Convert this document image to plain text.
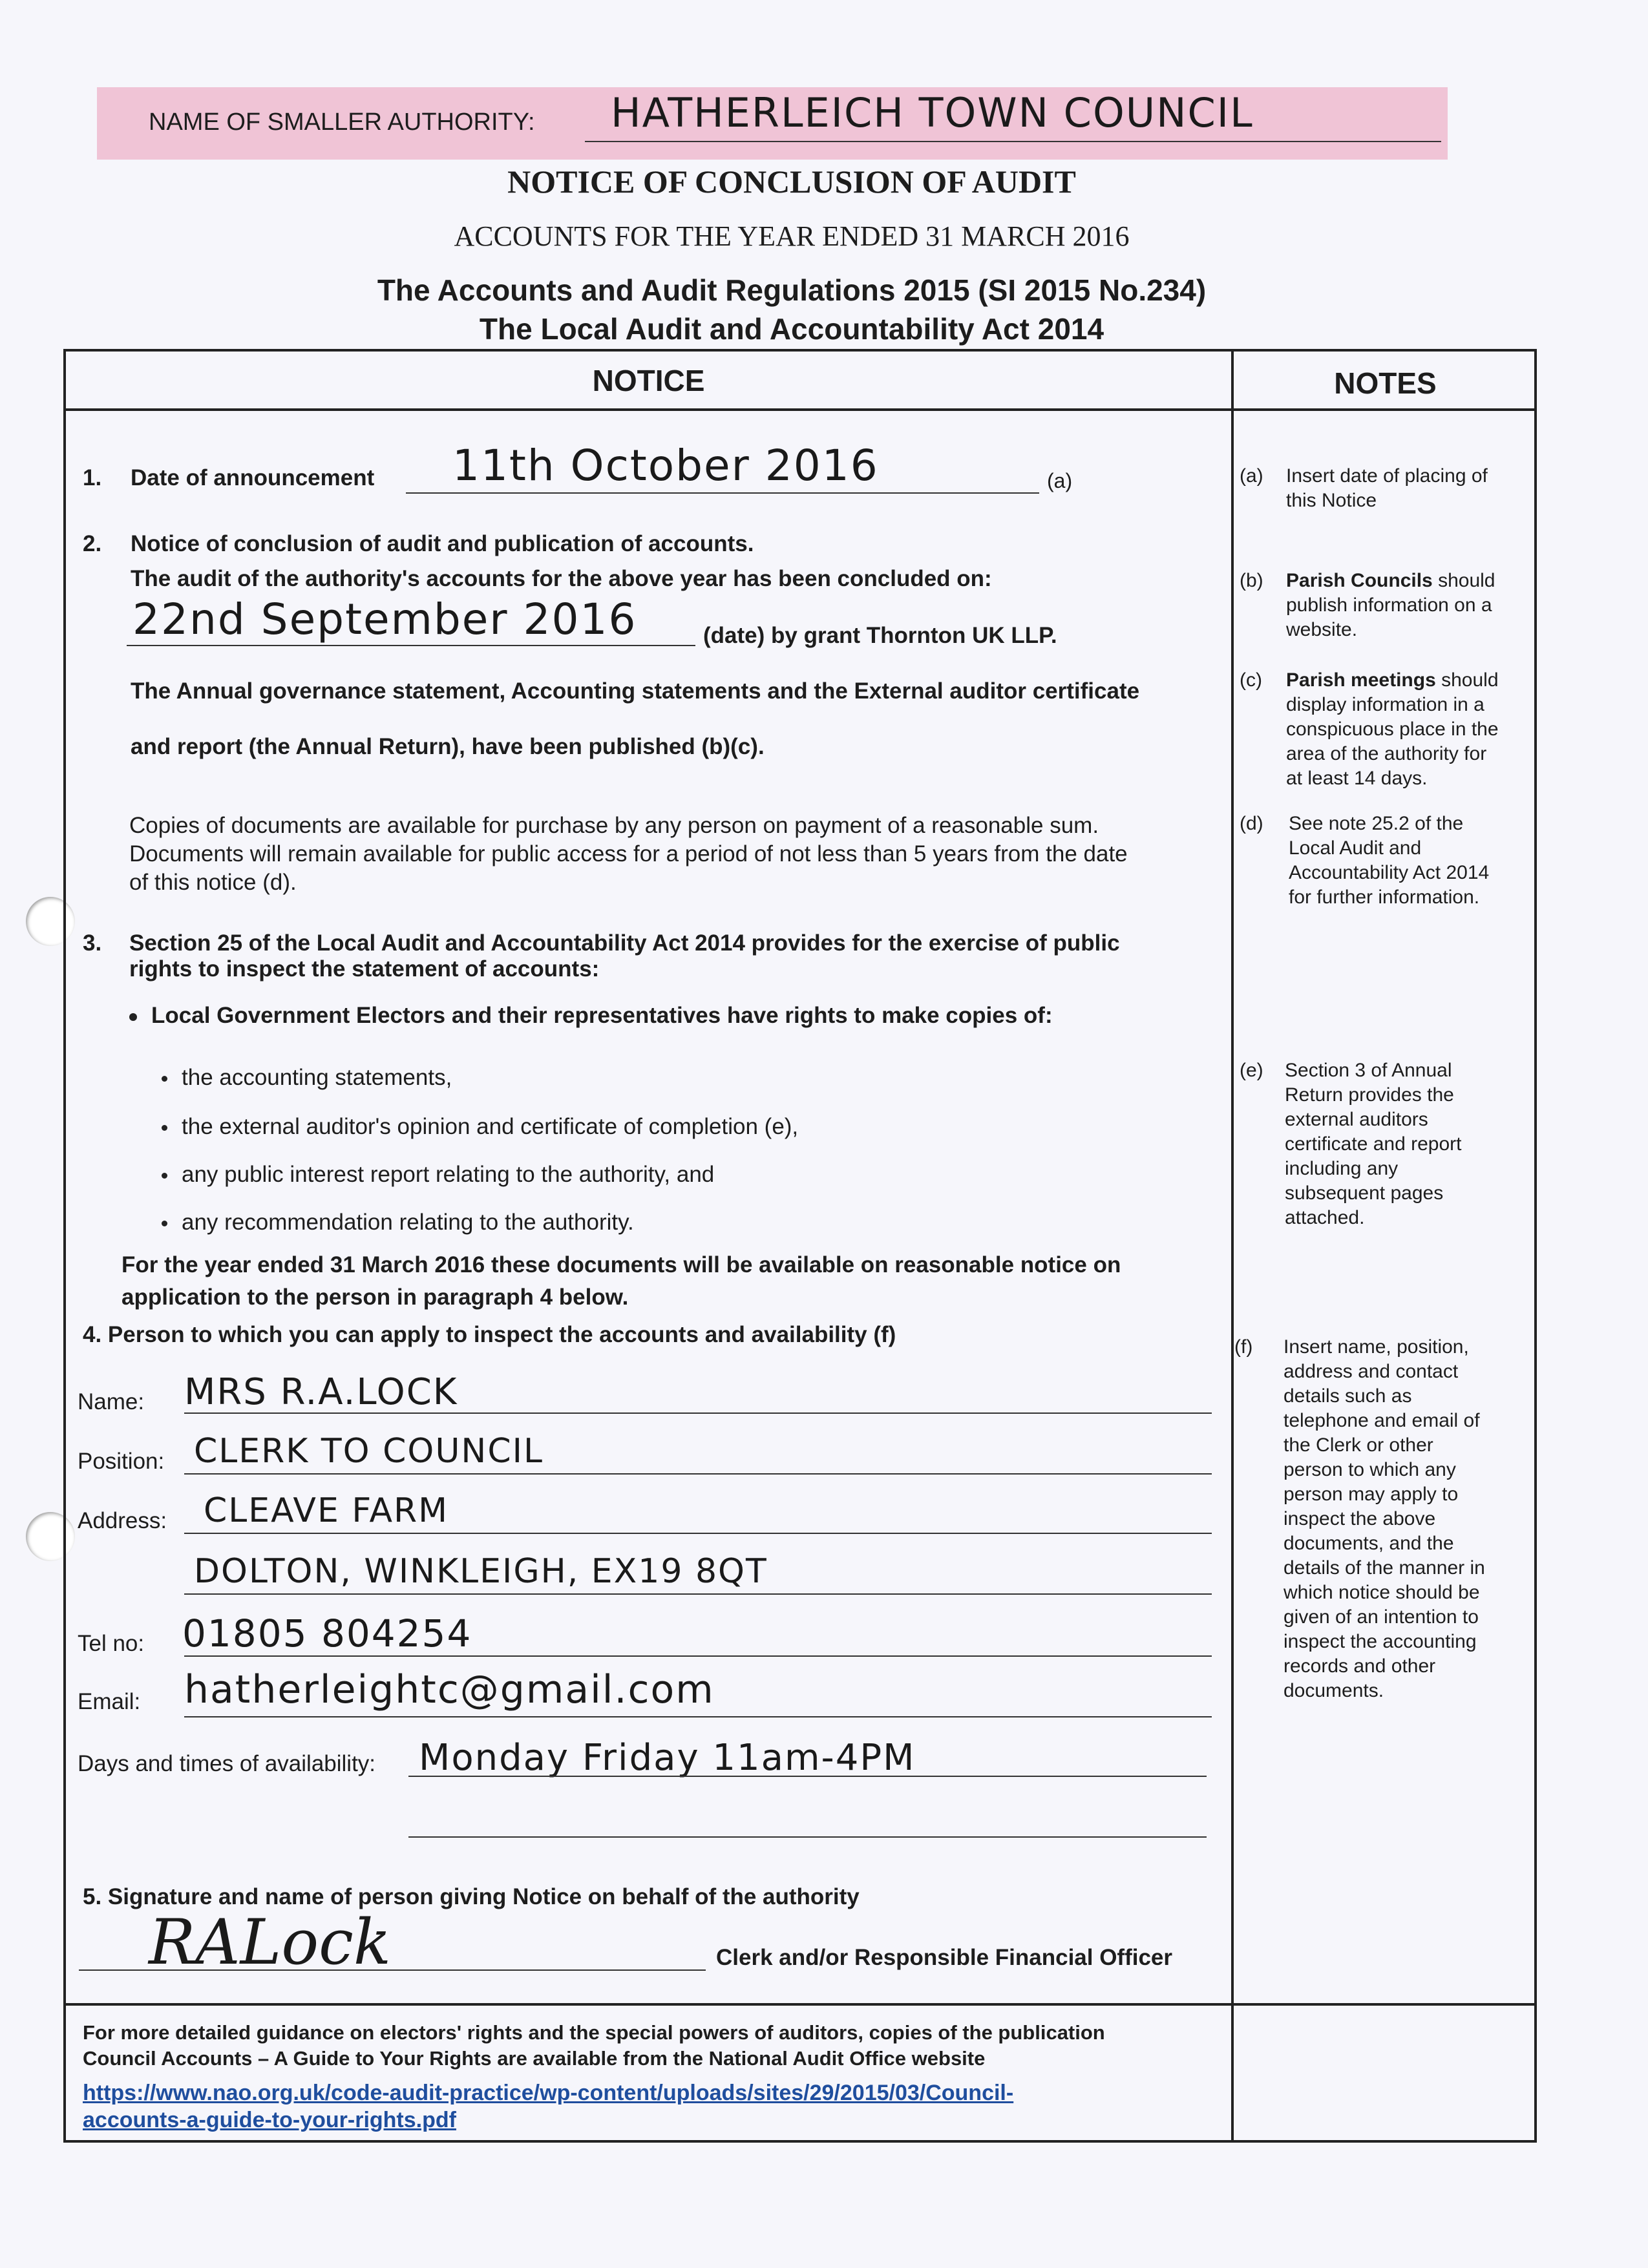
NAME OF SMALLER AUTHORITY: HATHERLEICH TOWN COUNCIL
NOTICE OF CONCLUSION OF AUDIT
ACCOUNTS FOR THE YEAR ENDED 31 MARCH 2016
The Accounts and Audit Regulations 2015 (SI 2015 No.234)
The Local Audit and Accountability Act 2014
NOTICE	NOTES
1. Date of announcement 11th October 2016	(a)
2. Notice of conclusion of audit and publication of accounts.
The audit of the authority's accounts for the above year has been concluded on:
22nd September 2016	(date) by grant Thornton UK LLP.
The Annual governance statement, Accounting statements and the External auditor certificate
and report (the Annual Return), have been published (b)(c).
Copies of documents are available for purchase by any person on payment of a reasonable sum.
Documents will remain available for public access for a period of not less than 5 years from the date
of this notice (d).
3. Section 25 of the Local Audit and Accountability Act 2014 provides for the exercise of public
rights to inspect the statement of accounts:
Local Government Electors and their representatives have rights to make copies of:
the accounting statements,
the external auditor's opinion and certificate of completion (e),
any public interest report relating to the authority, and
any recommendation relating to the authority.
For the year ended 31 March 2016 these documents will be available on reasonable notice on
application to the person in paragraph 4 below.
4. Person to which you can apply to inspect the accounts and availability (f)
Name: MRS R.A.LOCK
Position: CLERK TO COUNCIL
Address: CLEAVE FARM
DOLTON, WINKLEIGH, EX19 8QT
Tel no: 01805 804254
Email: hatherleightc@gmail.com
Days and times of availability: Monday Friday 11am-4PM
5. Signature and name of person giving Notice on behalf of the authority
RALock	Clerk and/or Responsible Financial Officer
For more detailed guidance on electors' rights and the special powers of auditors, copies of the publication
Council Accounts – A Guide to Your Rights are available from the National Audit Office website
https://www.nao.org.uk/code-audit-practice/wp-content/uploads/sites/29/2015/03/Council-
accounts-a-guide-to-your-rights.pdf
(a) Insert date of placing of
this Notice
(b) Parish Councils should
publish information on a
website.
(c) Parish meetings should
display information in a
conspicuous place in the
area of the authority for
at least 14 days.
(d) See note 25.2 of the
Local Audit and
Accountability Act 2014
for further information.
(e) Section 3 of Annual
Return provides the
external auditors
certificate and report
including any
subsequent pages
attached.
(f) Insert name, position,
address and contact
details such as
telephone and email of
the Clerk or other
person to which any
person may apply to
inspect the above
documents, and the
details of the manner in
which notice should be
given of an intention to
inspect the accounting
records and other
documents.
